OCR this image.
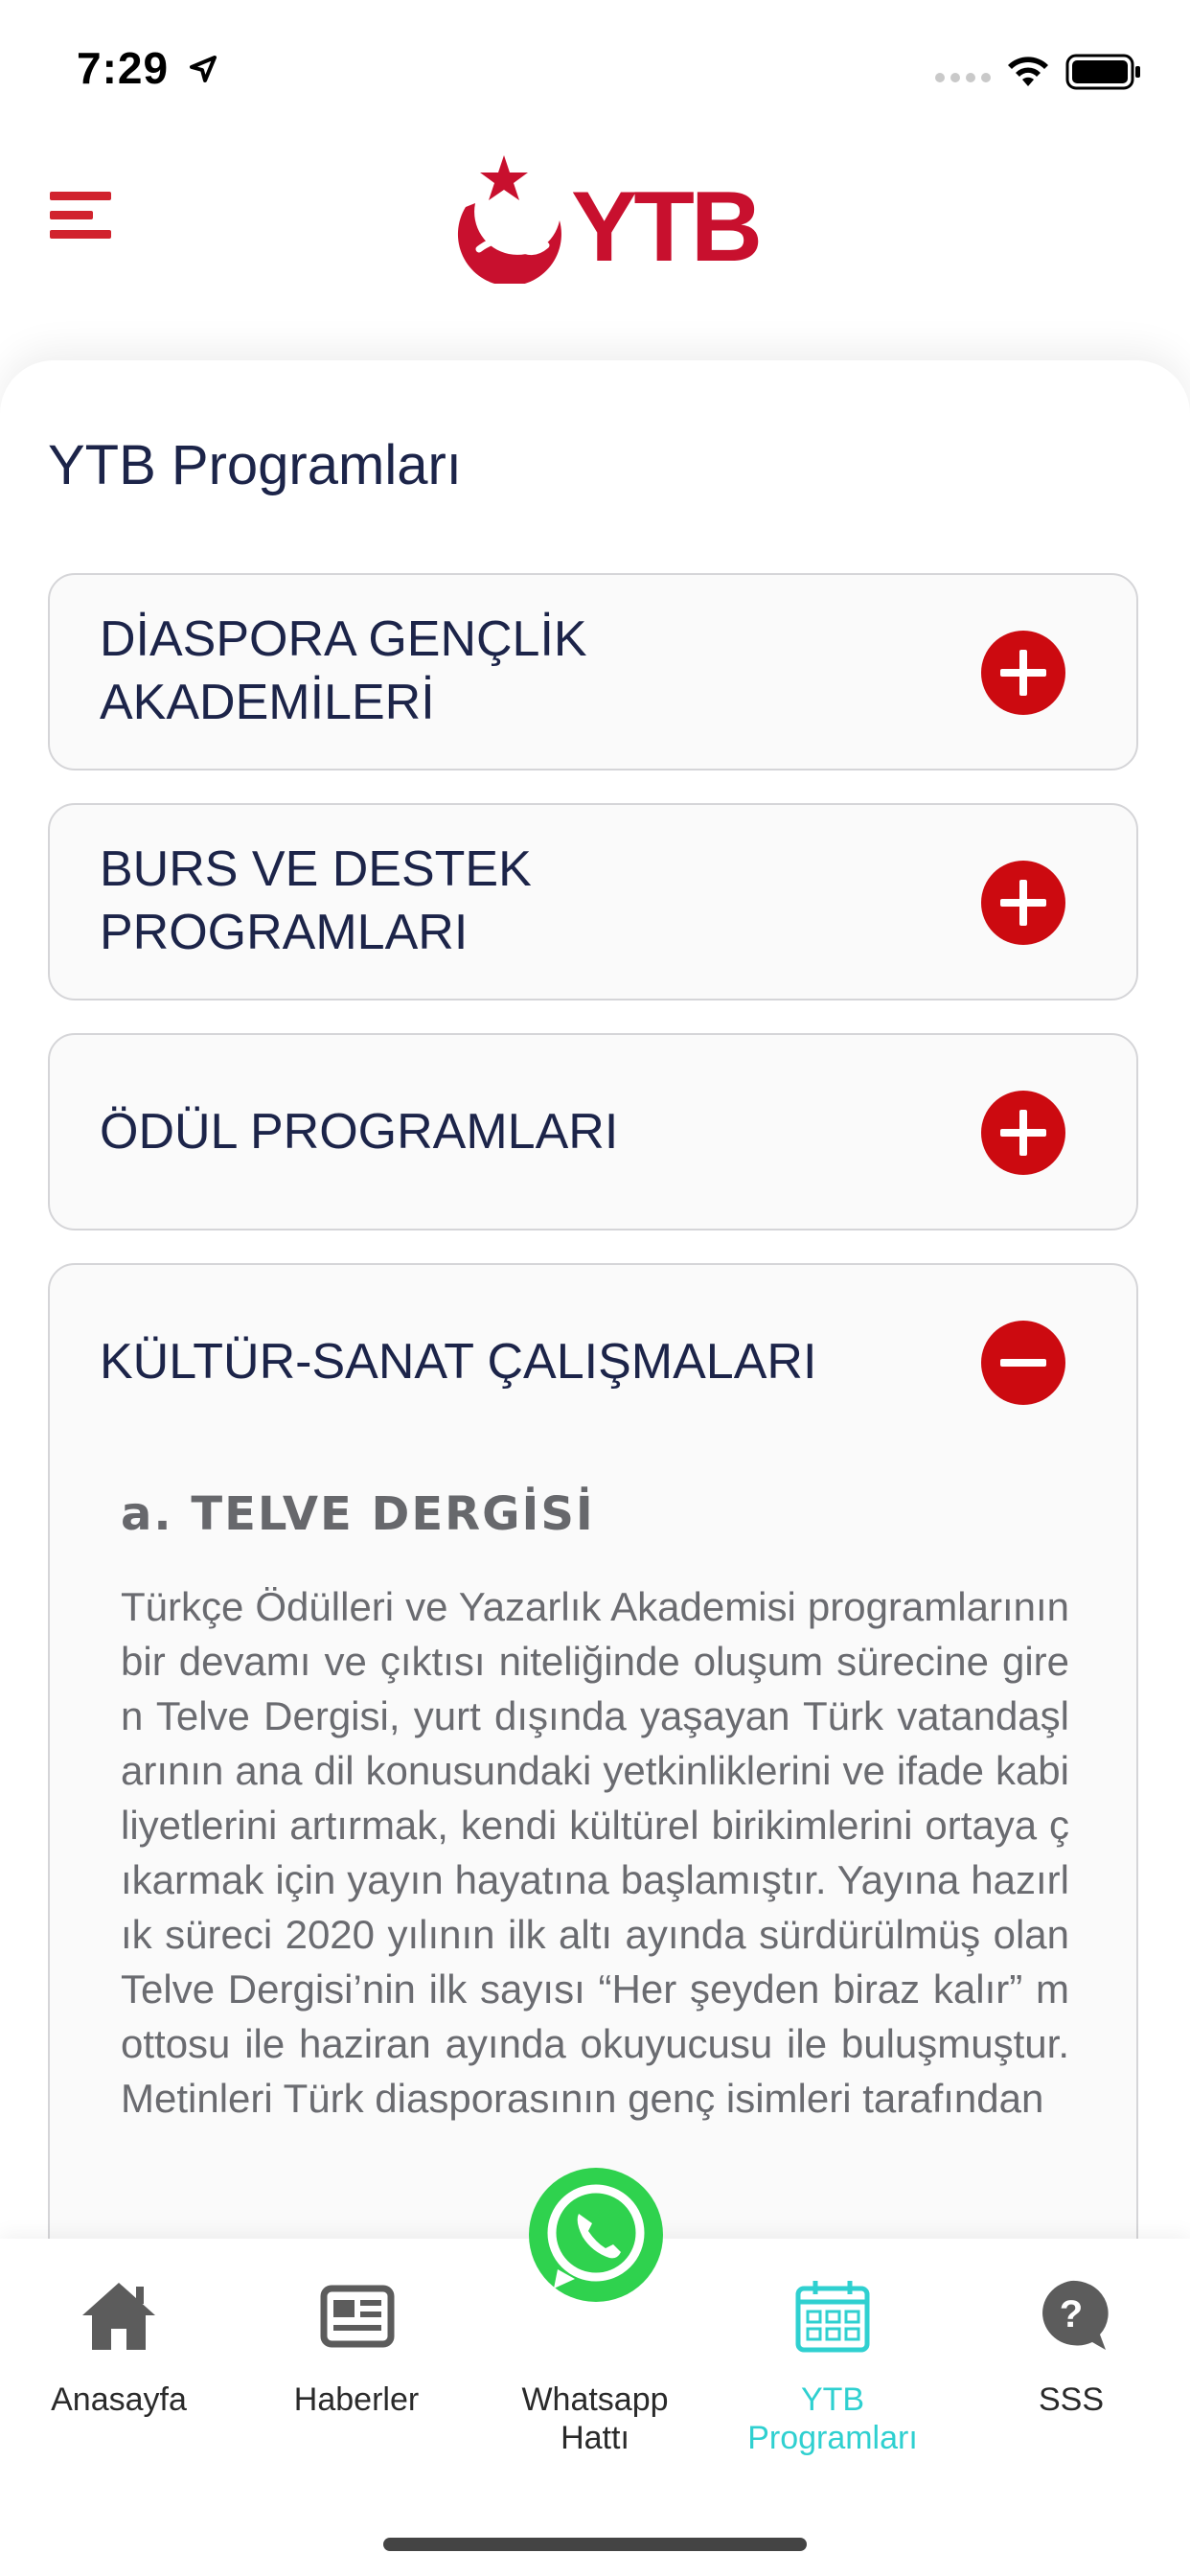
7:29
YTB
YTB Programları
DİASPORA GENÇLİK
AKADEMİLERİ
BURS VE DESTEK
PROGRAMLARI
ÖDÜL PROGRAMLARI
KÜLTÜR-SANAT ÇALIŞMALARI

a. TELVE DERGİSİ

Türkçe Ödülleri ve Yazarlık Akademisi programlarının bir devamı ve çıktısı niteliğinde oluşum sürecine giren Telve Dergisi, yurt dışında yaşayan Türk vatandaşlarının ana dil konusundaki yetkinliklerini ve ifade kabiliyetlerini artırmak, kendi kültürel birikimlerini ortaya çıkarmak için yayın hayatına başlamıştır. Yayına hazırlık süreci 2020 yılının ilk altı ayında sürdürülmüş olan Telve Dergisi’nin ilk sayısı “Her şeyden biraz kalır” mottosu ile haziran ayında okuyucusu ile buluşmuştur. Metinleri Türk diasporasının genç isimleri tarafından

Anasayfa	Haberler	Whatsapp
Hattı
YTB
Programları
?
SSS
